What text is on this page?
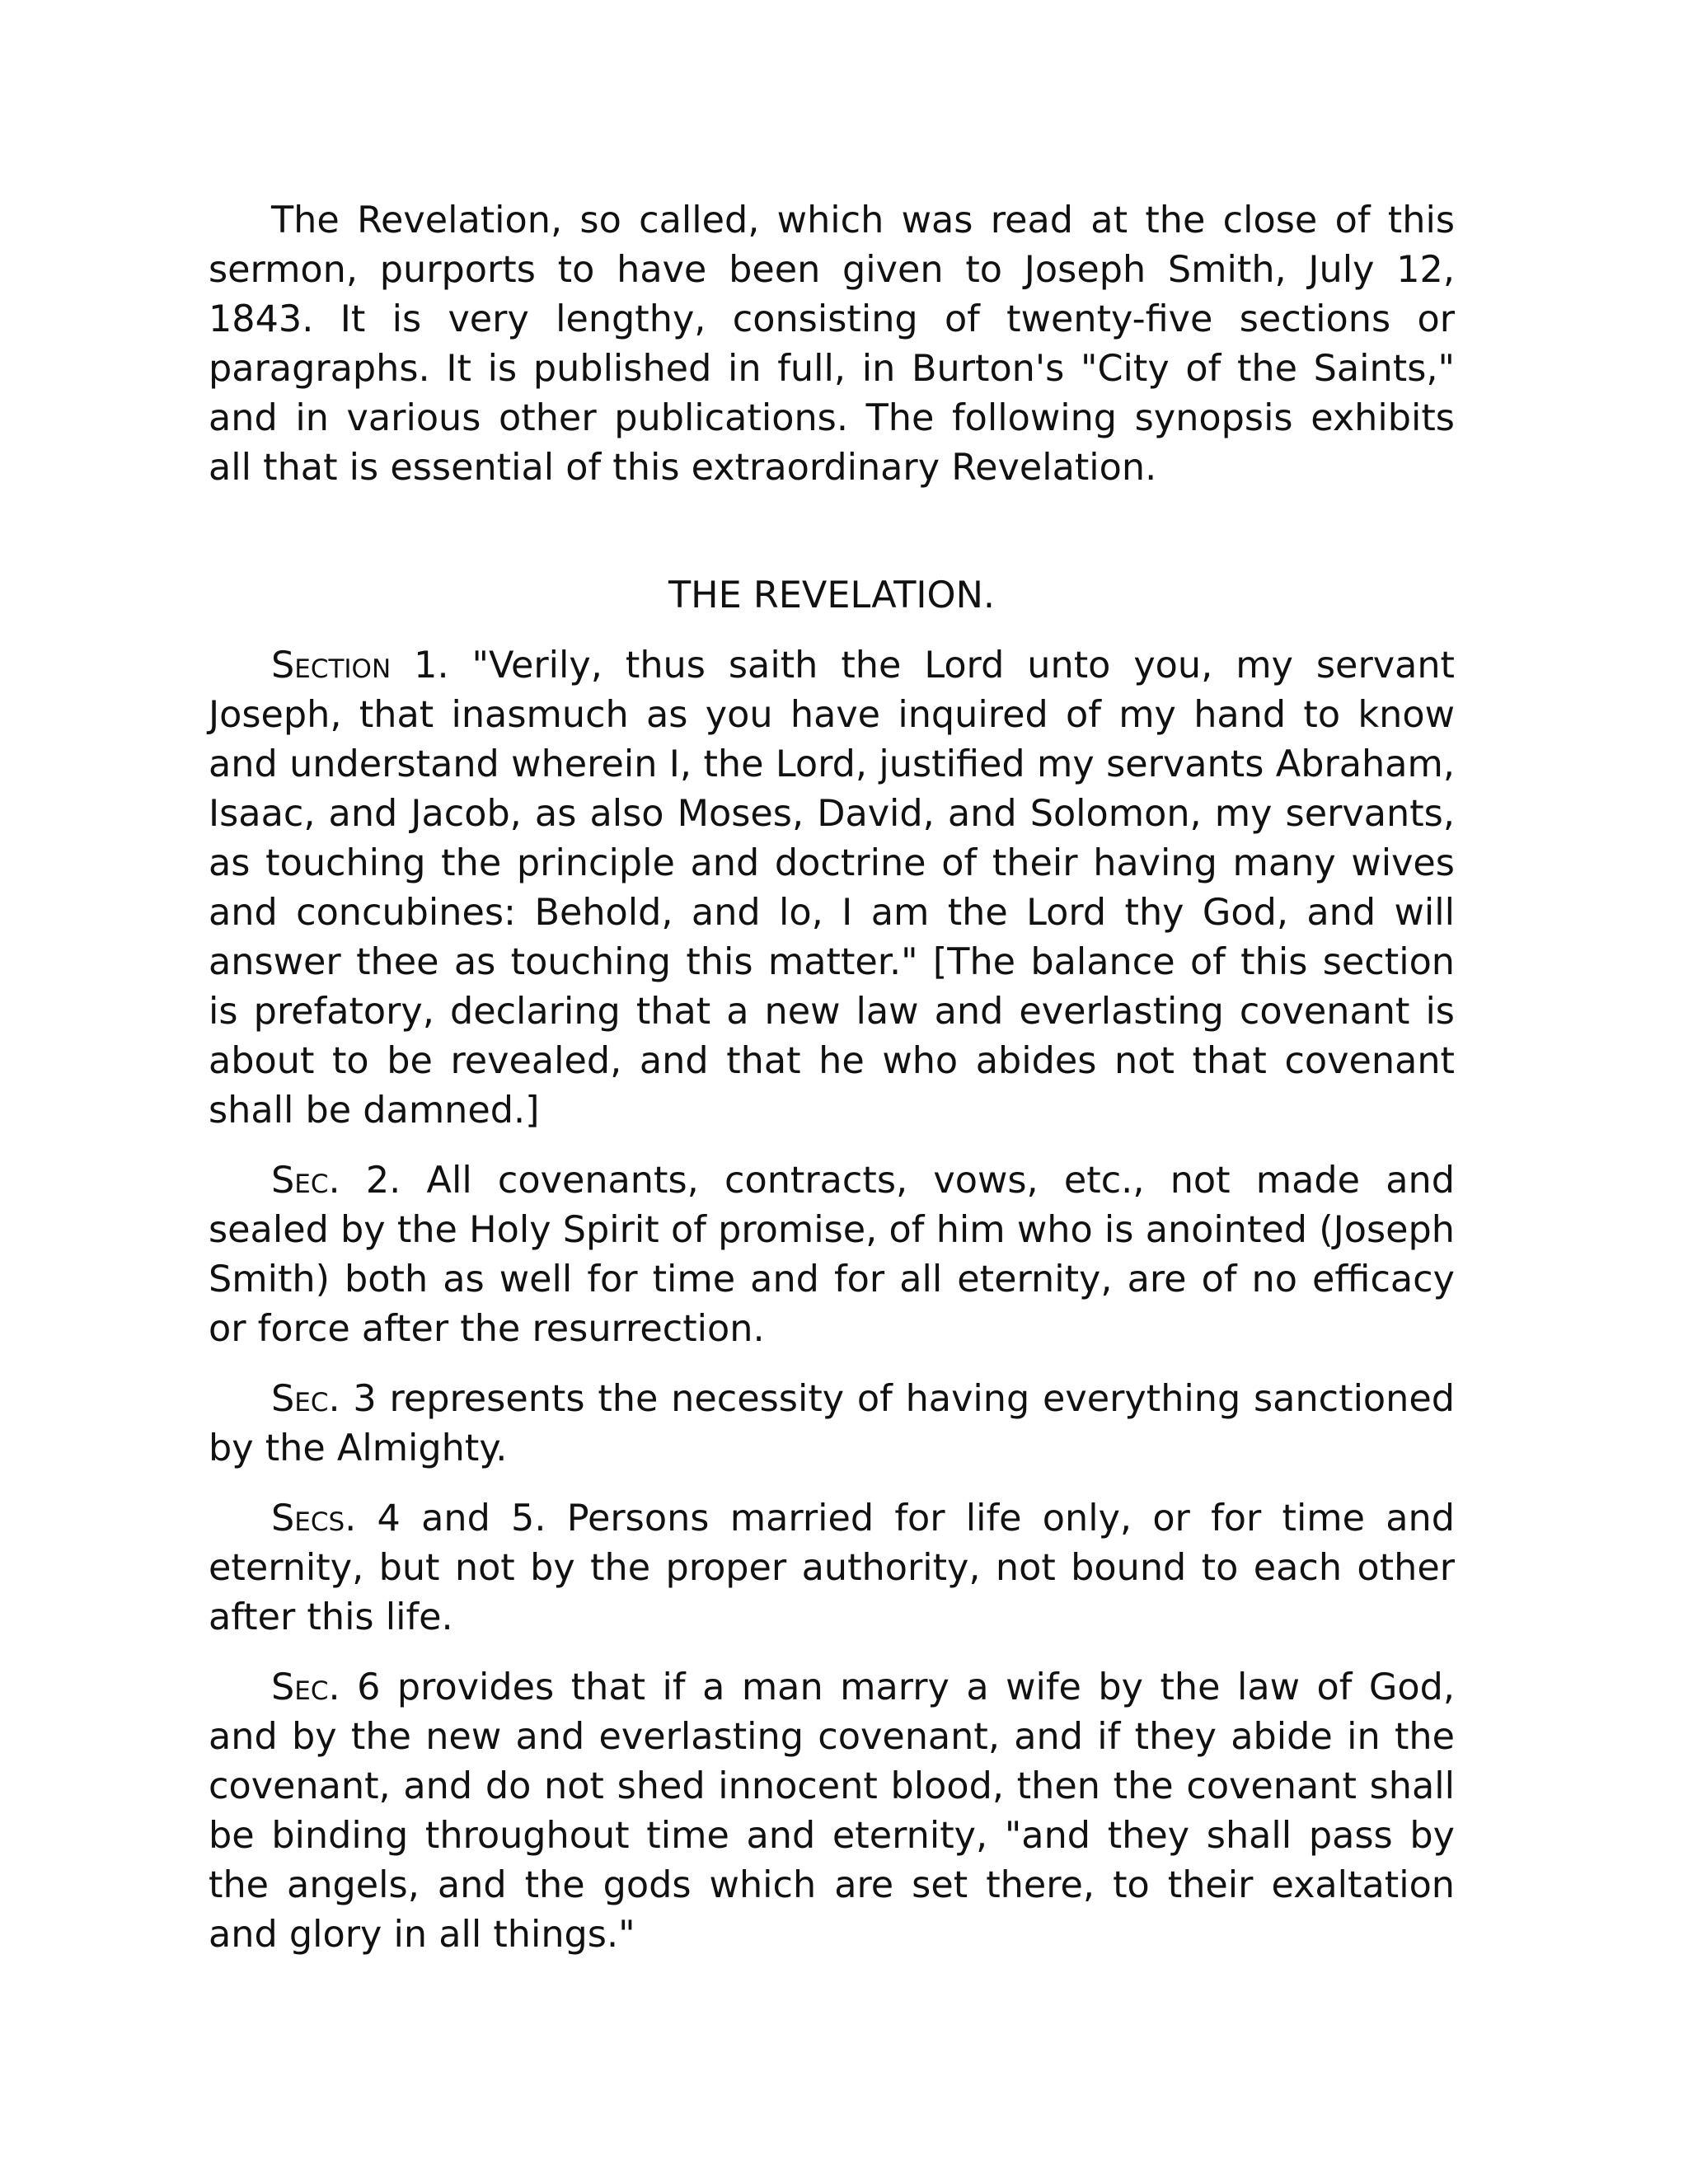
The Revelation, so called, which was read at the close of this sermon, purports to have been given to Joseph Smith, July 12, 1843. It is very lengthy, consisting of twenty-five sections or paragraphs. It is published in full, in Burton's "City of the Saints," and in various other publications. The following synopsis exhibits all that is essential of this extraordinary Revelation.

THE REVELATION.

Section 1. "Verily, thus saith the Lord unto you, my servant Joseph, that inasmuch as you have inquired of my hand to know and understand wherein I, the Lord, justified my servants Abraham, Isaac, and Jacob, as also Moses, David, and Solomon, my servants, as touching the principle and doctrine of their having many wives and concubines: Behold, and lo, I am the Lord thy God, and will answer thee as touching this matter." [The balance of this section is prefatory, declaring that a new law and everlasting covenant is about to be revealed, and that he who abides not that covenant shall be damned.]

Sec. 2. All covenants, contracts, vows, etc., not made and sealed by the Holy Spirit of promise, of him who is anointed (Joseph Smith) both as well for time and for all eternity, are of no efficacy or force after the resurrection.

Sec. 3 represents the necessity of having everything sanctioned by the Almighty.

Secs. 4 and 5. Persons married for life only, or for time and eternity, but not by the proper authority, not bound to each other after this life.

Sec. 6 provides that if a man marry a wife by the law of God, and by the new and everlasting covenant, and if they abide in the covenant, and do not shed innocent blood, then the covenant shall be binding throughout time and eternity, "and they shall pass by the angels, and the gods which are set there, to their exaltation and glory in all things."
